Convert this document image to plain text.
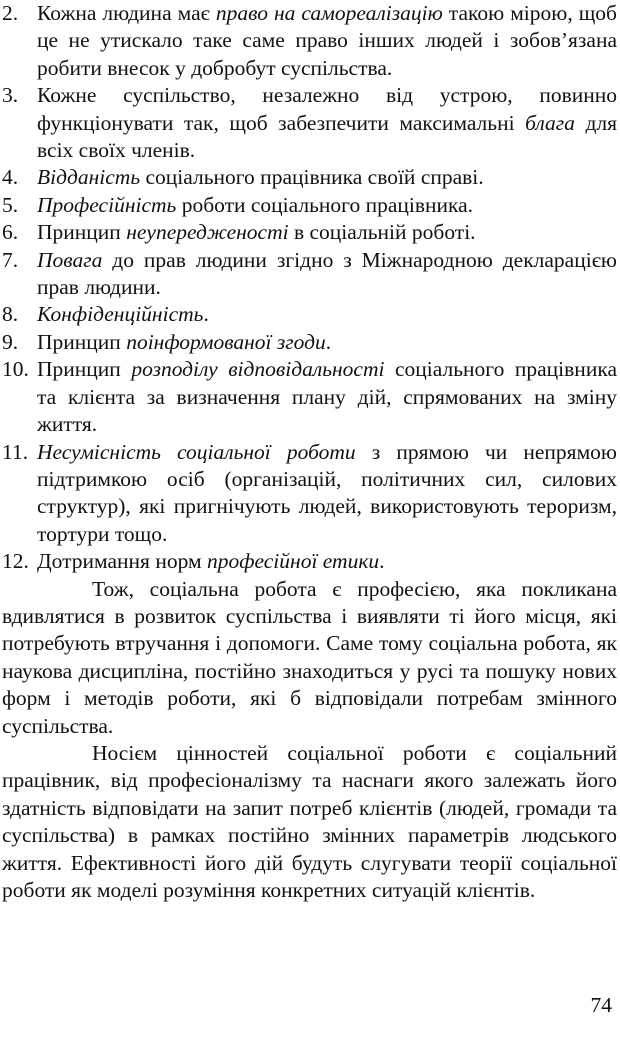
2. Кожна людина має право на самореалізацію такою мірою, щоб це не утискало таке саме право інших людей і зобов’язана робити внесок у добробут суспільства.
3. Кожне суспільство, незалежно від устрою, повинно функціонувати так, щоб забезпечити максимальні блага для всіх своїх членів.
4. Відданість соціального працівника своїй справі.
5. Професійність роботи соціального працівника.
6. Принцип неупередженості в соціальній роботі.
7. Повага до прав людини згідно з Міжнародною декларацією прав людини.
8. Конфіденційність.
9. Принцип поінформованої згоди.
10. Принцип розподілу відповідальності соціального працівника та клієнта за визначення плану дій, спрямованих на зміну життя.
11. Несумісність соціальної роботи з прямою чи непрямою підтримкою осіб (організацій, політичних сил, силових структур), які пригнічують людей, використовують тероризм, тортури тощо.
12. Дотримання норм професійної етики.

Тож, соціальна робота є професією, яка покликана вдивлятися в розвиток суспільства і виявляти ті його місця, які потребують втручання і допомоги. Саме тому соціальна робота, як наукова дисципліна, постійно знаходиться у русі та пошуку нових форм і методів роботи, які б відповідали потребам змінного суспільства.

Носієм цінностей соціальної роботи є соціальний працівник, від професіоналізму та наснаги якого залежать його здатність відповідати на запит потреб клієнтів (людей, громади та суспільства) в рамках постійно змінних параметрів людського життя. Ефективності його дій будуть слугувати теорії соціальної роботи як моделі розуміння конкретних ситуацій клієнтів.

74
